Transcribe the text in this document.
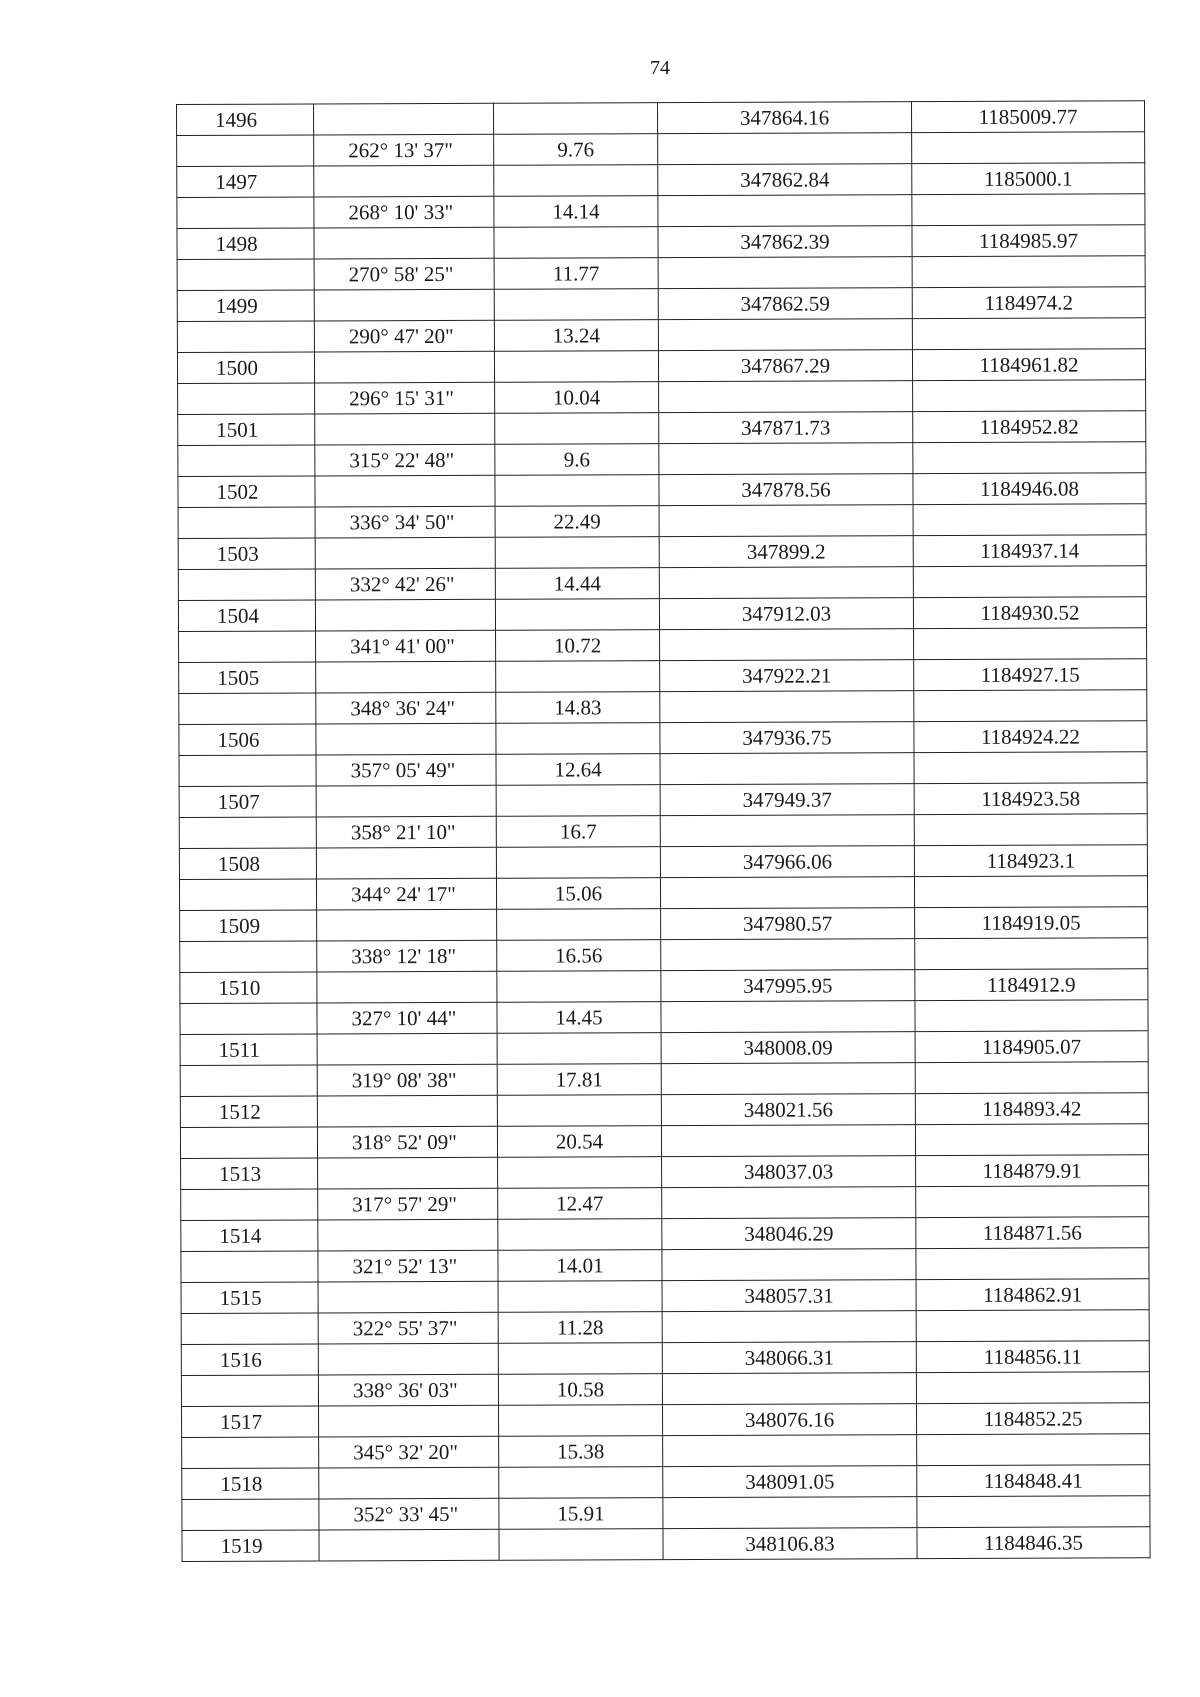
74
1496			347864.16	1185009.77
	262° 13' 37"	9.76		
1497			347862.84	1185000.1
	268° 10' 33"	14.14		
1498			347862.39	1184985.97
	270° 58' 25"	11.77		
1499			347862.59	1184974.2
	290° 47' 20"	13.24		
1500			347867.29	1184961.82
	296° 15' 31"	10.04		
1501			347871.73	1184952.82
	315° 22' 48"	9.6		
1502			347878.56	1184946.08
	336° 34' 50"	22.49		
1503			347899.2	1184937.14
	332° 42' 26"	14.44		
1504			347912.03	1184930.52
	341° 41' 00"	10.72		
1505			347922.21	1184927.15
	348° 36' 24"	14.83		
1506			347936.75	1184924.22
	357° 05' 49"	12.64		
1507			347949.37	1184923.58
	358° 21' 10"	16.7		
1508			347966.06	1184923.1
	344° 24' 17"	15.06		
1509			347980.57	1184919.05
	338° 12' 18"	16.56		
1510			347995.95	1184912.9
	327° 10' 44"	14.45		
1511			348008.09	1184905.07
	319° 08' 38"	17.81		
1512			348021.56	1184893.42
	318° 52' 09"	20.54		
1513			348037.03	1184879.91
	317° 57' 29"	12.47		
1514			348046.29	1184871.56
	321° 52' 13"	14.01		
1515			348057.31	1184862.91
	322° 55' 37"	11.28		
1516			348066.31	1184856.11
	338° 36' 03"	10.58		
1517			348076.16	1184852.25
	345° 32' 20"	15.38		
1518			348091.05	1184848.41
	352° 33' 45"	15.91		
1519			348106.83	1184846.35
